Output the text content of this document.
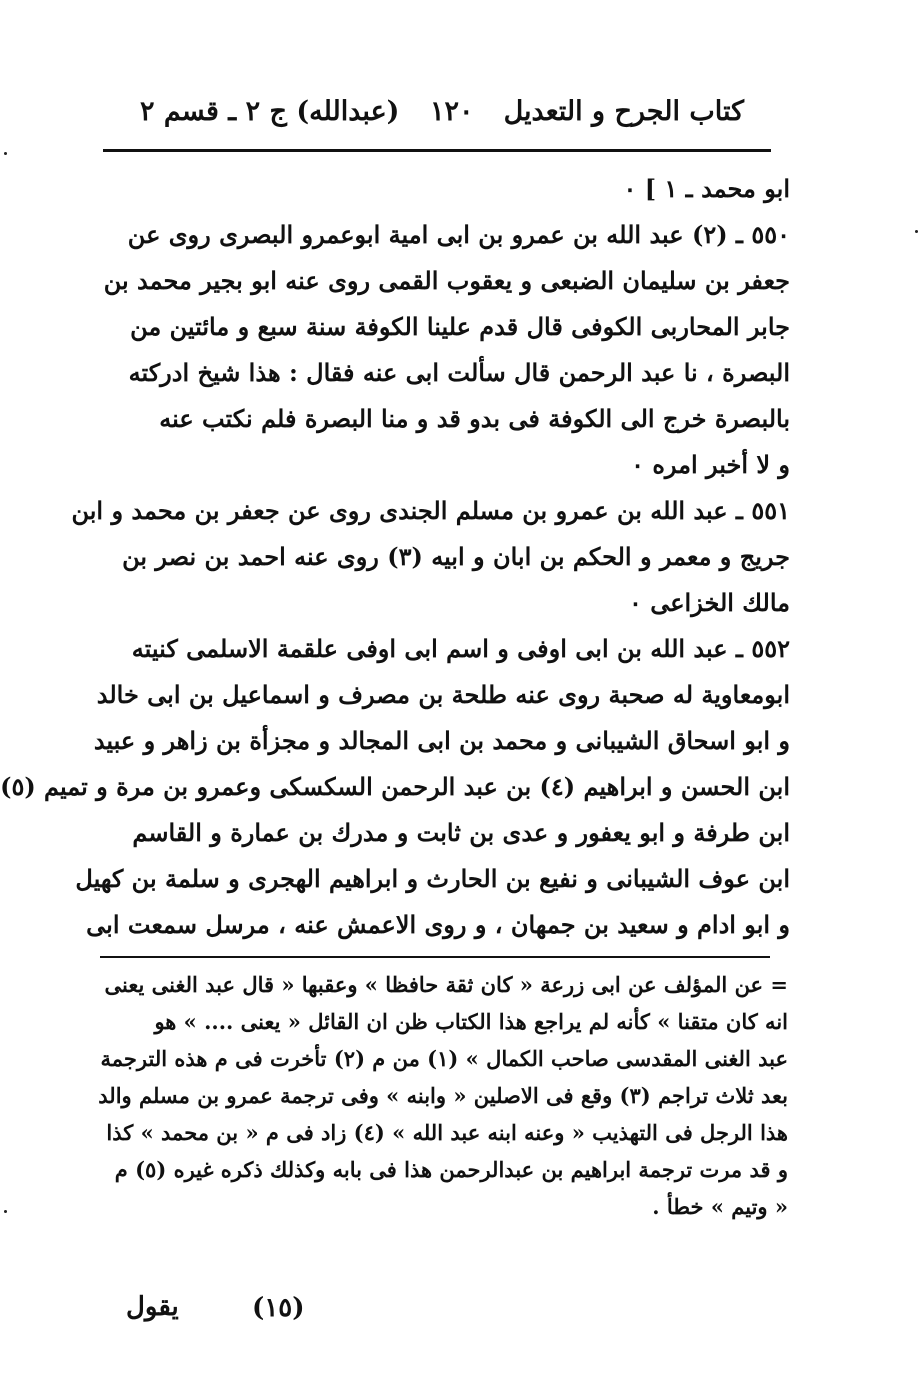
كتاب الجرح و التعديل
١٢٠
(عبدالله) ج ٢ ـ قسم ٢
ابو محمد ـ ١ ] ٠
٥٥٠ ـ (٢) عبد الله بن عمرو بن ابى امية ابوعمرو البصرى روى عن
جعفر بن سليمان الضبعى و يعقوب القمى روى عنه ابو بجير محمد بن
جابر المحاربى الكوفى قال قدم علينا الكوفة سنة سبع و مائتين من
البصرة ، نا عبد الرحمن قال سألت ابى عنه فقال : هذا شيخ ادركته
بالبصرة خرج الى الكوفة فى بدو قد و منا البصرة فلم نكتب عنه
و لا أخبر امره ٠
٥٥١ ـ عبد الله بن عمرو بن مسلم الجندى روى عن جعفر بن محمد و ابن
جريج و معمر و الحكم بن ابان و ابيه (٣) روى عنه احمد بن نصر بن
مالك الخزاعى ٠
٥٥٢ ـ عبد الله بن ابى اوفى و اسم ابى اوفى علقمة الاسلمى كنيته
ابومعاوية له صحبة روى عنه طلحة بن مصرف و اسماعيل بن ابى خالد
و ابو اسحاق الشيبانى و محمد بن ابى المجالد و مجزأة بن زاهر و عبيد
ابن الحسن و ابراهيم (٤) بن عبد الرحمن السكسكى وعمرو بن مرة و تميم (٥)
ابن طرفة و ابو يعفور و عدى بن ثابت و مدرك بن عمارة و القاسم
ابن عوف الشيبانى و نفيع بن الحارث و ابراهيم الهجرى و سلمة بن كهيل
و ابو ادام و سعيد بن جمهان ، و روى الاعمش عنه ، مرسل سمعت ابى
= عن المؤلف عن ابى زرعة « كان ثقة حافظا » وعقبها « قال عبد الغنى يعنى
انه كان متقنا » كأنه لم يراجع هذا الكتاب ظن ان القائل « يعنى .... » هو
عبد الغنى المقدسى صاحب الكمال » (١) من م (٢) تأخرت فى م هذه الترجمة
بعد ثلاث تراجم (٣) وقع فى الاصلين « وابنه » وفى ترجمة عمرو بن مسلم والد
هذا الرجل فى التهذيب « وعنه ابنه عبد الله » (٤) زاد فى م « بن محمد » كذا
و قد مرت ترجمة ابراهيم بن عبدالرحمن هذا فى بابه وكذلك ذكره غيره (٥) م
« وتيم » خطأ .
(١٥)
يقول
